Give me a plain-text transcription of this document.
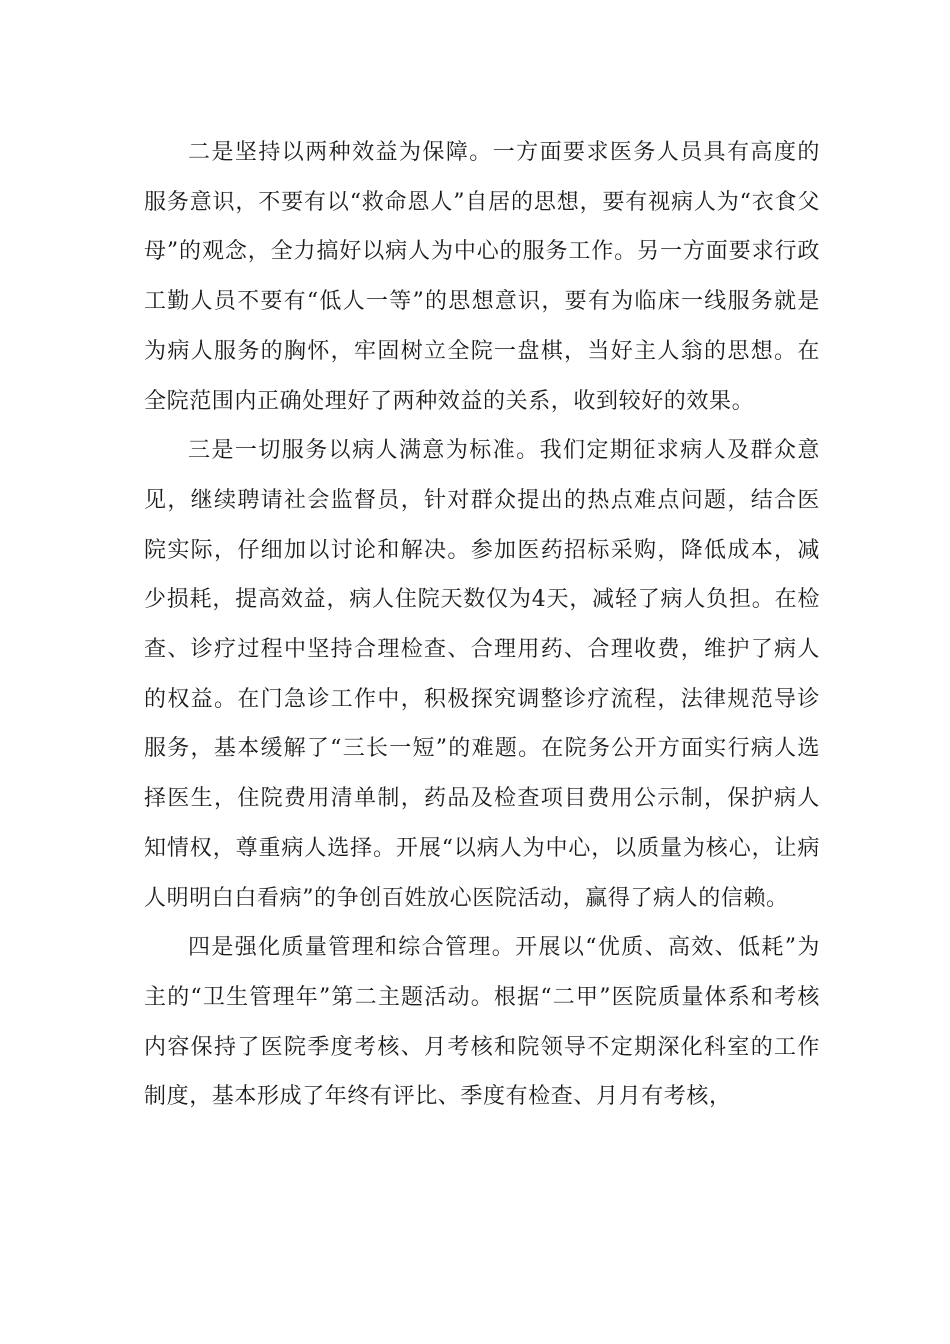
二是坚持以两种效益为保障。一方面要求医务人员具有高度的服务意识，不要有以“救命恩人”自居的思想，要有视病人为“衣食父母”的观念，全力搞好以病人为中心的服务工作。另一方面要求行政工勤人员不要有“低人一等”的思想意识，要有为临床一线服务就是为病人服务的胸怀，牢固树立全院一盘棋，当好主人翁的思想。在全院范围内正确处理好了两种效益的关系，收到较好的效果。

三是一切服务以病人满意为标准。我们定期征求病人及群众意见，继续聘请社会监督员，针对群众提出的热点难点问题，结合医院实际，仔细加以讨论和解决。参加医药招标采购，降低成本，减少损耗，提高效益，病人住院天数仅为4天，减轻了病人负担。在检查、诊疗过程中坚持合理检查、合理用药、合理收费，维护了病人的权益。在门急诊工作中，积极探究调整诊疗流程，法律规范导诊服务，基本缓解了“三长一短”的难题。在院务公开方面实行病人选择医生，住院费用清单制，药品及检查项目费用公示制，保护病人知情权，尊重病人选择。开展“以病人为中心，以质量为核心，让病人明明白白看病”的争创百姓放心医院活动，赢得了病人的信赖。

四是强化质量管理和综合管理。开展以“优质、高效、低耗”为主的“卫生管理年”第二主题活动。根据“二甲”医院质量体系和考核内容保持了医院季度考核、月考核和院领导不定期深化科室的工作制度，基本形成了年终有评比、季度有检查、月月有考核，
